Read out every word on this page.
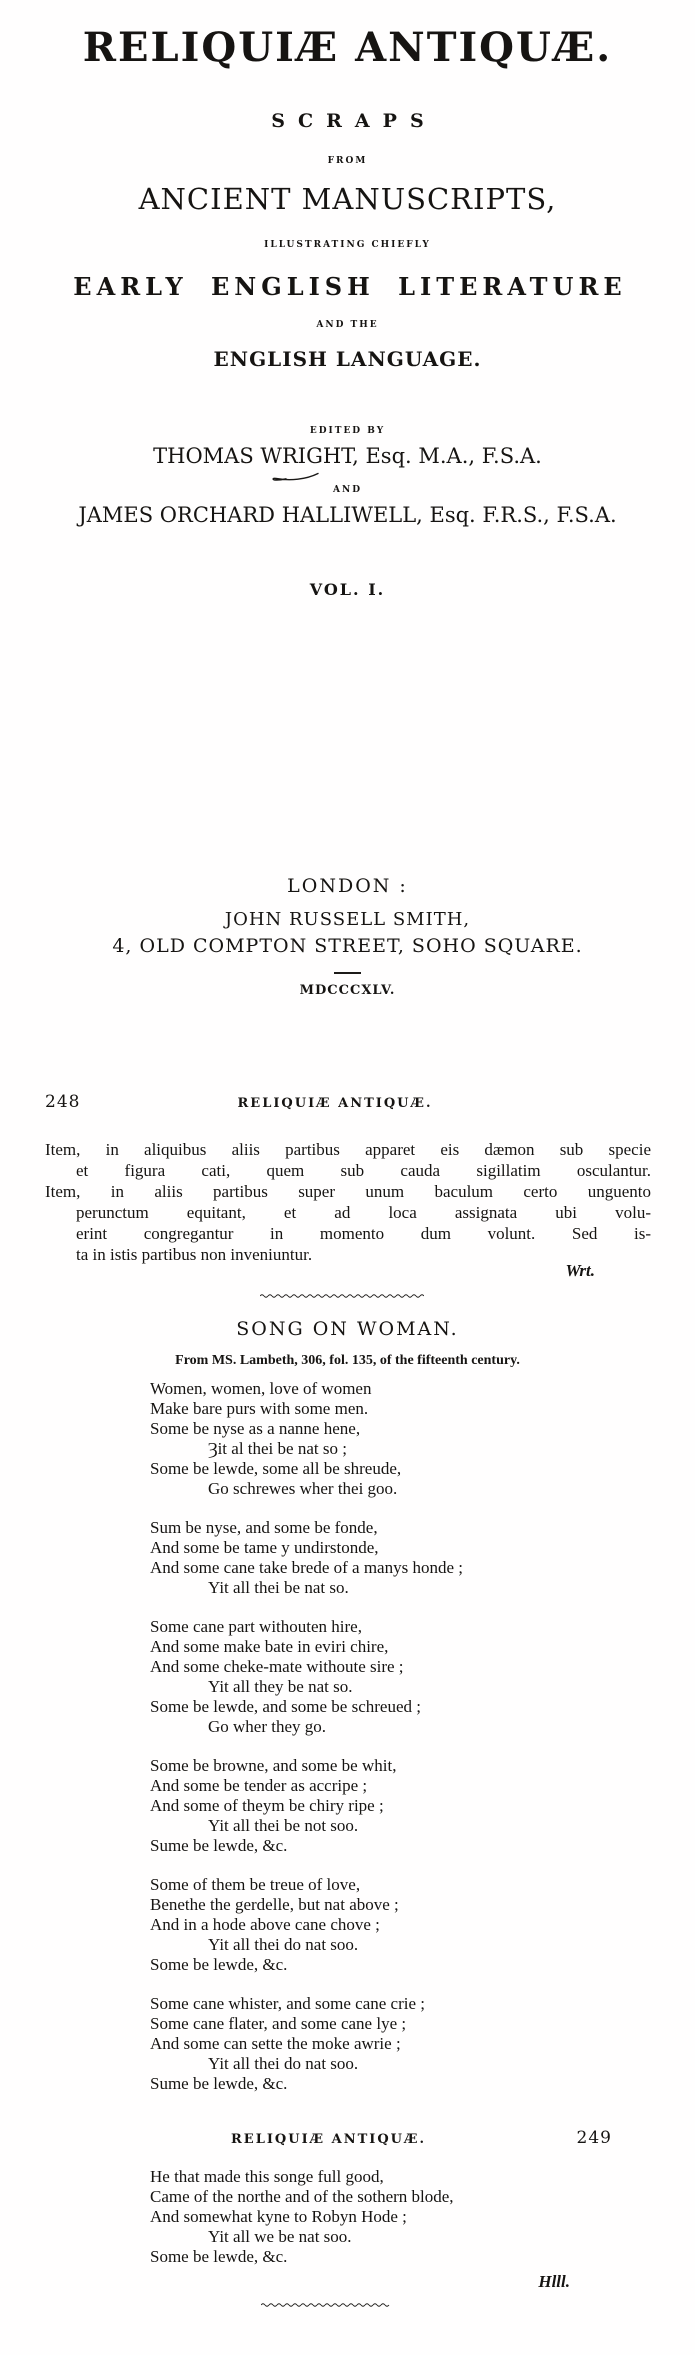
RELIQUIÆ ANTIQUÆ.
SCRAPS
FROM
ANCIENT MANUSCRIPTS,
ILLUSTRATING CHIEFLY
EARLY ENGLISH LITERATURE
AND THE
ENGLISH LANGUAGE.
EDITED BY
THOMAS WRIGHT, Esq. M.A., F.S.A.
AND
JAMES ORCHARD HALLIWELL, Esq. F.R.S., F.S.A.
VOL. I.
LONDON :
JOHN RUSSELL SMITH,
4, OLD COMPTON STREET, SOHO SQUARE.
MDCCCXLV.
248	RELIQUIÆ ANTIQUÆ.
Item, in aliquibus aliis partibus apparet eis dæmon sub specie
et figura cati, quem sub cauda sigillatim osculantur.
Item, in aliis partibus super unum baculum certo unguento
perunctum equitant, et ad loca assignata ubi volu-
erint congregantur in momento dum volunt. Sed is-
ta in istis partibus non inveniuntur.
Wrt.
SONG ON WOMAN.
From MS. Lambeth, 306, fol. 135, of the fifteenth century.
Women, women, love of women
Make bare purs with some men.
Some be nyse as a nanne hene,
Ȝit al thei be nat so ;
Some be lewde, some all be shreude,
Go schrewes wher thei goo.
Sum be nyse, and some be fonde,
And some be tame y undirstonde,
And some cane take brede of a manys honde ;
Yit all thei be nat so.
Some cane part withouten hire,
And some make bate in eviri chire,
And some cheke-mate withoute sire ;
Yit all they be nat so.
Some be lewde, and some be schreued ;
Go wher they go.
Some be browne, and some be whit,
And some be tender as accripe ;
And some of theym be chiry ripe ;
Yit all thei be not soo.
Sume be lewde, &c.
Some of them be treue of love,
Benethe the gerdelle, but nat above ;
And in a hode above cane chove ;
Yit all thei do nat soo.
Some be lewde, &c.
Some cane whister, and some cane crie ;
Some cane flater, and some cane lye ;
And some can sette the moke awrie ;
Yit all thei do nat soo.
Sume be lewde, &c.
RELIQUIÆ ANTIQUÆ.	249
He that made this songe full good,
Came of the northe and of the sothern blode,
And somewhat kyne to Robyn Hode ;
Yit all we be nat soo.
Some be lewde, &c.
Hlll.
